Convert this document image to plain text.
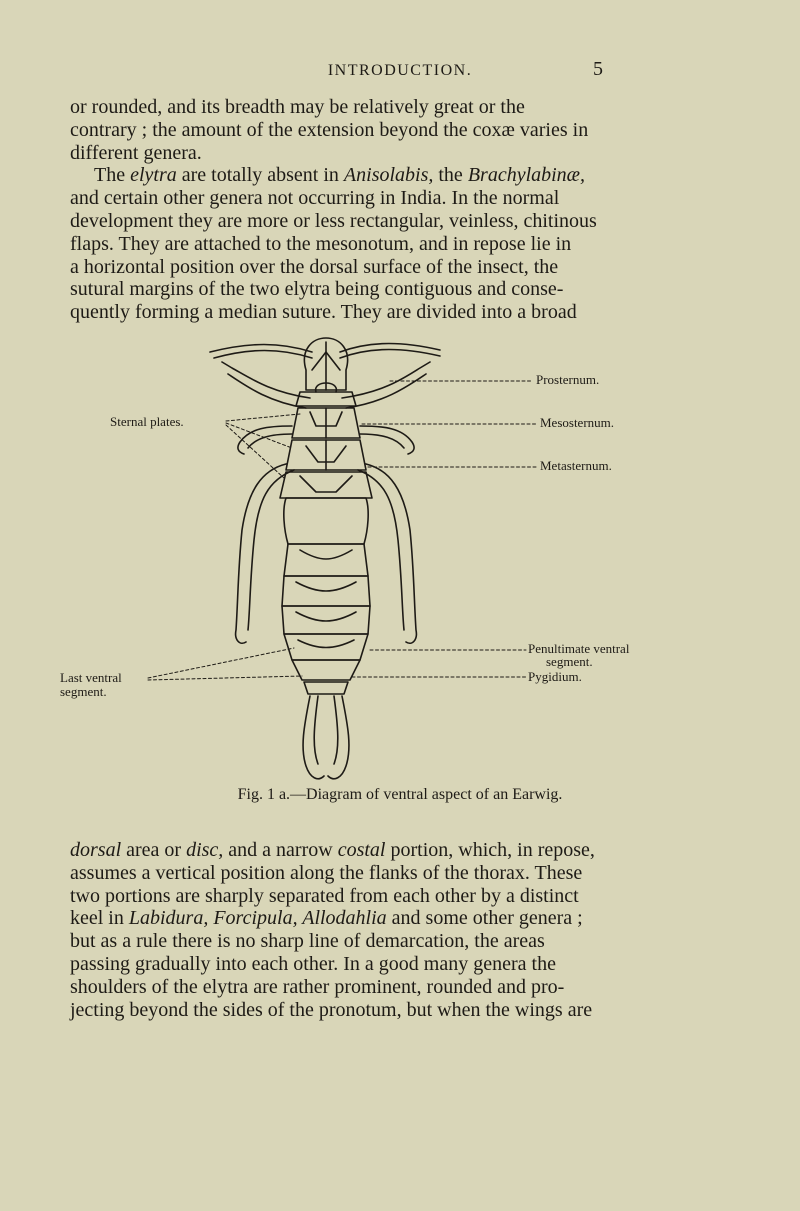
INTRODUCTION.	5

or rounded, and its breadth may be relatively great or the
contrary ; the amount of the extension beyond the coxæ varies in
different genera.
The elytra are totally absent in Anisolabis, the Brachylabinæ,
and certain other genera not occurring in India. In the normal
development they are more or less rectangular, veinless, chitinous
flaps. They are attached to the mesonotum, and in repose lie in
a horizontal position over the dorsal surface of the insect, the
sutural margins of the two elytra being contiguous and conse-
quently forming a median suture. They are divided into a broad

Prosternum.
Mesosternum.
Metasternum.
Sternal plates.
Penultimate ventral
segment.
Pygidium.
Last ventral
segment.
Fig. 1 a.—Diagram of ventral aspect of an Earwig.

dorsal area or disc, and a narrow costal portion, which, in repose,
assumes a vertical position along the flanks of the thorax. These
two portions are sharply separated from each other by a distinct
keel in Labidura, Forcipula, Allodahlia and some other genera ;
but as a rule there is no sharp line of demarcation, the areas
passing gradually into each other. In a good many genera the
shoulders of the elytra are rather prominent, rounded and pro-
jecting beyond the sides of the pronotum, but when the wings are
